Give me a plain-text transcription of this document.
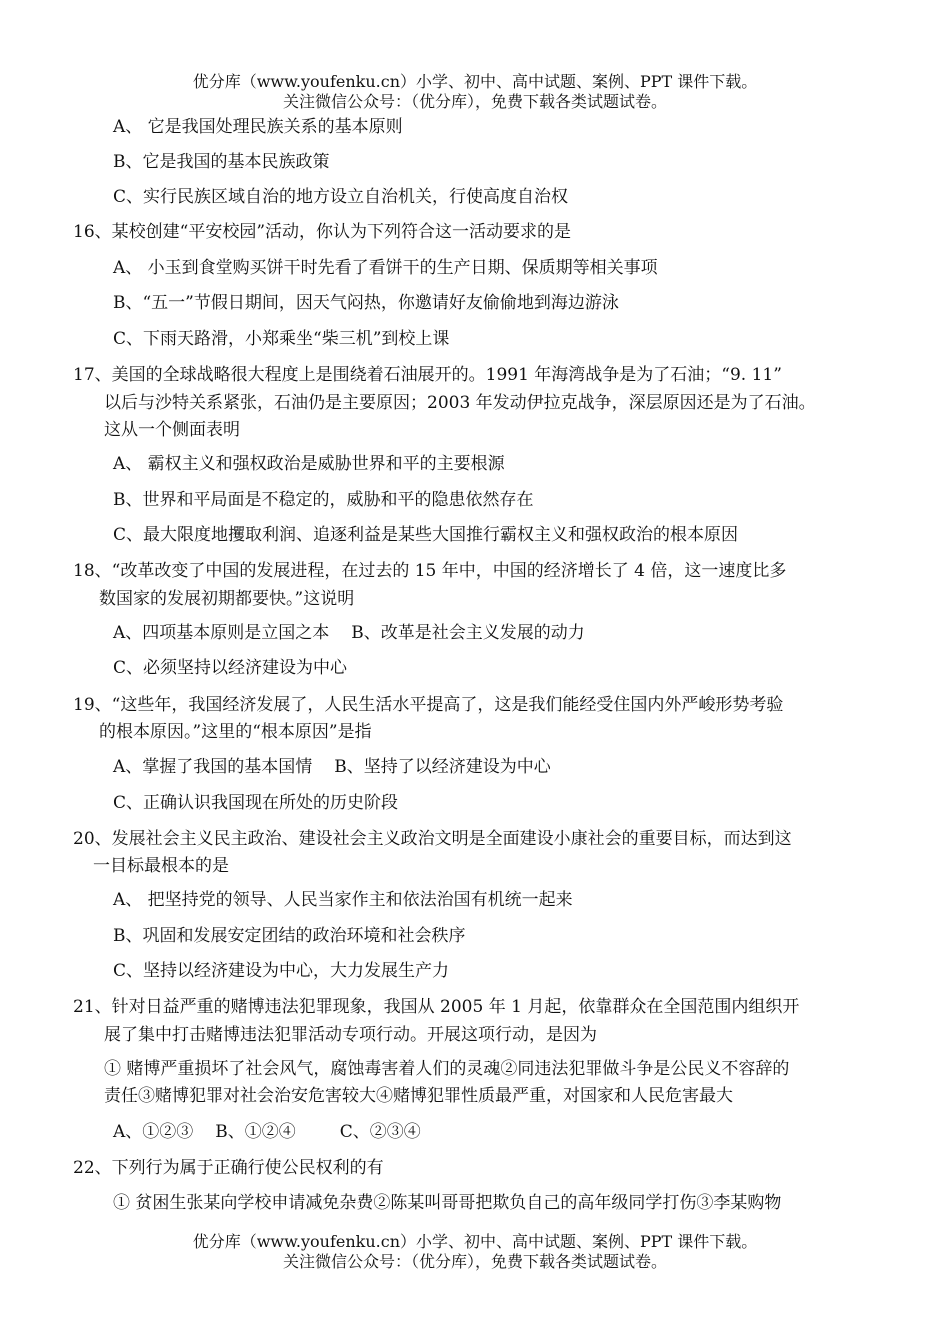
优分库（www.youfenku.cn）小学、初中、高中试题、案例、PPT 课件下载。
关注微信公众号：（优分库），免费下载各类试题试卷。
A、 它是我国处理民族关系的基本原则
B、它是我国的基本民族政策
C、实行民族区域自治的地方设立自治机关，行使高度自治权
16、某校创建“平安校园”活动，你认为下列符合这一活动要求的是
A、 小玉到食堂购买饼干时先看了看饼干的生产日期、保质期等相关事项
B、“五一”节假日期间，因天气闷热，你邀请好友偷偷地到海边游泳
C、下雨天路滑，小郑乘坐“柴三机”到校上课
17、美国的全球战略很大程度上是围绕着石油展开的。1991 年海湾战争是为了石油；“9. 11”
以后与沙特关系紧张，石油仍是主要原因；2003 年发动伊拉克战争，深层原因还是为了石油。
这从一个侧面表明
A、 霸权主义和强权政治是威胁世界和平的主要根源
B、世界和平局面是不稳定的，威胁和平的隐患依然存在
C、最大限度地攫取利润、追逐利益是某些大国推行霸权主义和强权政治的根本原因
18、“改革改变了中国的发展进程，在过去的 15 年中，中国的经济增长了 4 倍，这一速度比多
数国家的发展初期都要快。”这说明
A、四项基本原则是立国之本 B、改革是社会主义发展的动力
C、必须坚持以经济建设为中心
19、“这些年，我国经济发展了，人民生活水平提高了，这是我们能经受住国内外严峻形势考验
的根本原因。”这里的“根本原因”是指
A、掌握了我国的基本国情 B、坚持了以经济建设为中心
C、正确认识我国现在所处的历史阶段
20、发展社会主义民主政治、建设社会主义政治文明是全面建设小康社会的重要目标，而达到这
一目标最根本的是
A、 把坚持党的领导、人民当家作主和依法治国有机统一起来
B、巩固和发展安定团结的政治环境和社会秩序
C、坚持以经济建设为中心，大力发展生产力
21、针对日益严重的赌博违法犯罪现象，我国从 2005 年 1 月起，依靠群众在全国范围内组织开
展了集中打击赌博违法犯罪活动专项行动。开展这项行动，是因为
① 赌博严重损坏了社会风气，腐蚀毒害着人们的灵魂②同违法犯罪做斗争是公民义不容辞的
责任③赌博犯罪对社会治安危害较大④赌博犯罪性质最严重，对国家和人民危害最大
A、①②③ B、①②④	C、②③④
22、下列行为属于正确行使公民权利的有
① 贫困生张某向学校申请减免杂费②陈某叫哥哥把欺负自己的高年级同学打伤③李某购物
优分库（www.youfenku.cn）小学、初中、高中试题、案例、PPT 课件下载。
关注微信公众号：（优分库），免费下载各类试题试卷。
